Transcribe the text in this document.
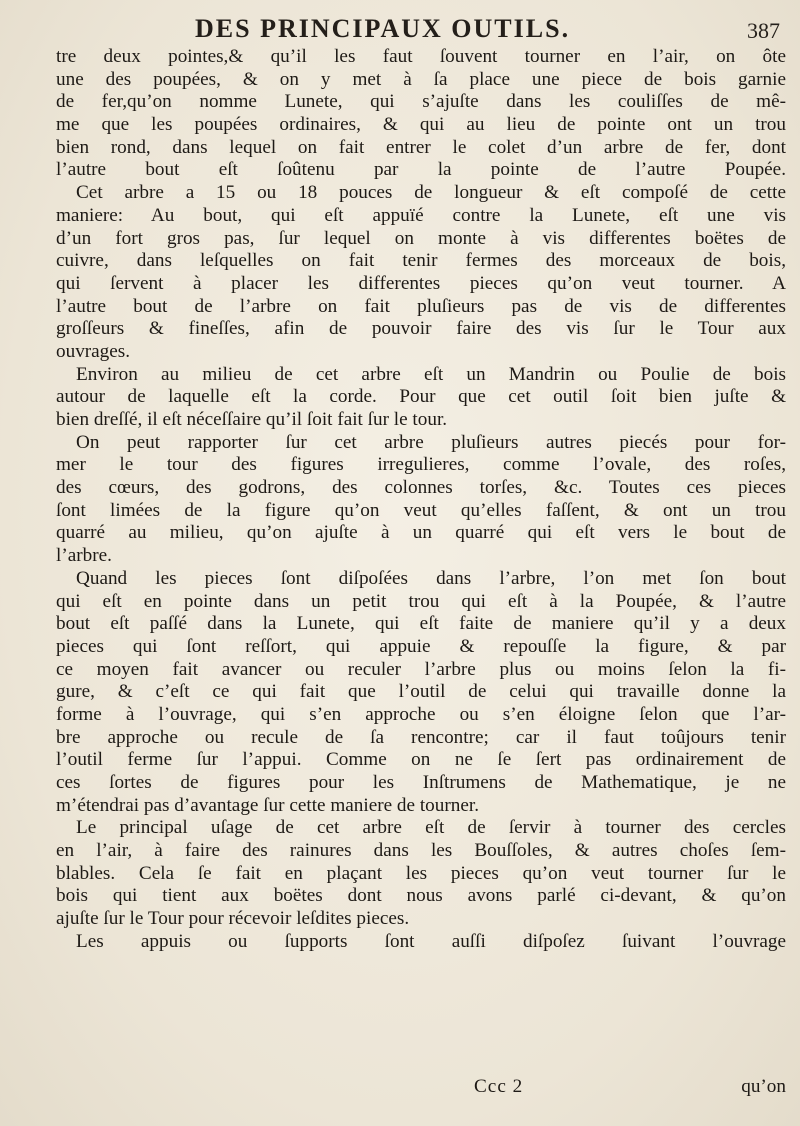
DES PRINCIPAUX OUTILS.	387
tre deux pointes,& qu’il les faut ſouvent tourner en l’air, on ôte
une des poupées, & on y met à ſa place une piece de bois garnie
de fer,qu’on nomme Lunete, qui s’ajuſte dans les couliſſes de mê-
me que les poupées ordinaires, & qui au lieu de pointe ont un trou
bien rond, dans lequel on fait entrer le colet d’un arbre de fer, dont
l’autre bout eſt ſoûtenu par la pointe de l’autre Poupée.
Cet arbre a 15 ou 18 pouces de longueur & eſt compoſé de cette
maniere: Au bout, qui eſt appuïé contre la Lunete, eſt une vis
d’un fort gros pas, ſur lequel on monte à vis differentes boëtes de
cuivre, dans leſquelles on fait tenir fermes des morceaux de bois,
qui ſervent à placer les differentes pieces qu’on veut tourner. A
l’autre bout de l’arbre on fait pluſieurs pas de vis de differentes
groſſeurs & fineſſes, afin de pouvoir faire des vis ſur le Tour aux
ouvrages.
Environ au milieu de cet arbre eſt un Mandrin ou Poulie de bois
autour de laquelle eſt la corde. Pour que cet outil ſoit bien juſte &
bien dreſſé, il eſt néceſſaire qu’il ſoit fait ſur le tour.
On peut rapporter ſur cet arbre pluſieurs autres piecés pour for-
mer le tour des figures irregulieres, comme l’ovale, des roſes,
des cœurs, des godrons, des colonnes torſes, &c. Toutes ces pieces
ſont limées de la figure qu’on veut qu’elles faſſent, & ont un trou
quarré au milieu, qu’on ajuſte à un quarré qui eſt vers le bout de
l’arbre.
Quand les pieces ſont diſpoſées dans l’arbre, l’on met ſon bout
qui eſt en pointe dans un petit trou qui eſt à la Poupée, & l’autre
bout eſt paſſé dans la Lunete, qui eſt faite de maniere qu’il y a deux
pieces qui ſont reſſort, qui appuie & repouſſe la figure, & par
ce moyen fait avancer ou reculer l’arbre plus ou moins ſelon la fi-
gure, & c’eſt ce qui fait que l’outil de celui qui travaille donne la
forme à l’ouvrage, qui s’en approche ou s’en éloigne ſelon que l’ar-
bre approche ou recule de ſa rencontre; car il faut toûjours tenir
l’outil ferme ſur l’appui. Comme on ne ſe ſert pas ordinairement de
ces ſortes de figures pour les Inſtrumens de Mathematique, je ne
m’étendrai pas d’avantage ſur cette maniere de tourner.
Le principal uſage de cet arbre eſt de ſervir à tourner des cercles
en l’air, à faire des rainures dans les Bouſſoles, & autres choſes ſem-
blables. Cela ſe fait en plaçant les pieces qu’on veut tourner ſur le
bois qui tient aux boëtes dont nous avons parlé ci-devant, & qu’on
ajuſte ſur le Tour pour récevoir leſdites pieces.
Les appuis ou ſupports ſont auſſi diſpoſez ſuivant l’ouvrage
Ccc 2	qu’on
